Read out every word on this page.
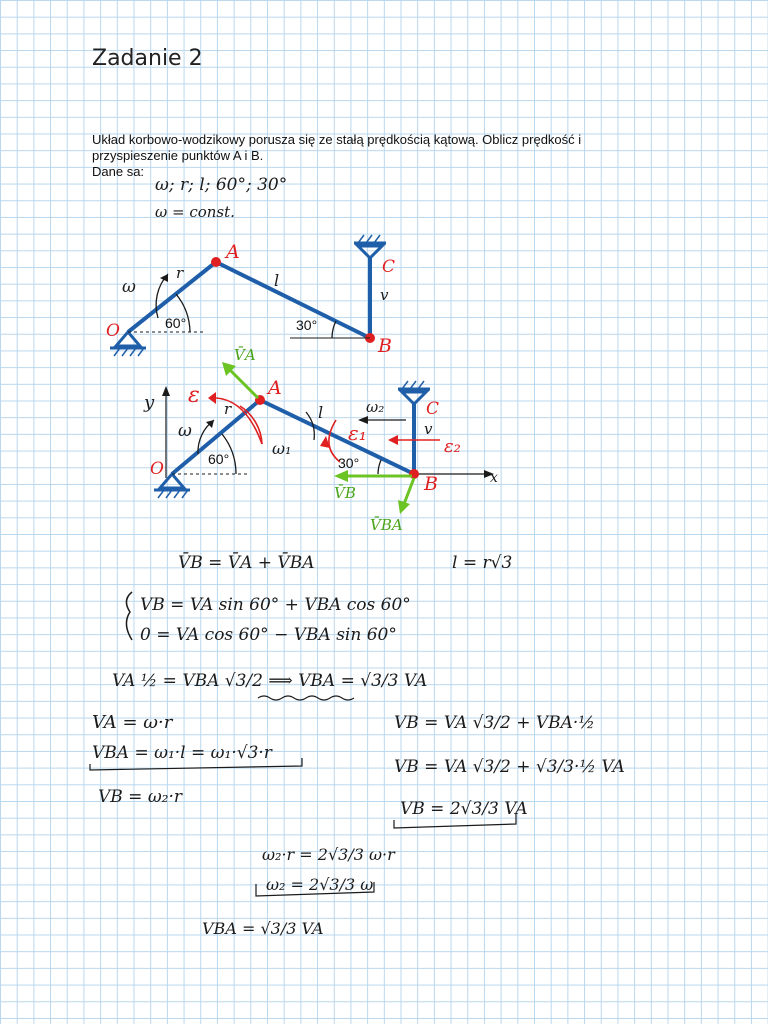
Zadanie 2

Układ korbowo-wodzikowy porusza się ze stałą prędkością kątową. Oblicz prędkość i przyspieszenie punktów A i B.

Dane sa:
ω; r; l; 60°; 30°
ω = const.
O
A
B
C
ω
r	l
v
60°	30°
y
x
O
A
B
C
ε
ε₁
ε₂
ω
ω₁
ω₂
r	l
v
60°	30°
V̄A
V̄B
V̄BA
V̄B = V̄A + V̄BA	l = r√3
VB = VA sin 60° + VBA cos 60°
0 = VA cos 60° − VBA sin 60°
VA ½ = VBA √3/2 ⟹ VBA = √3/3 VA
VA = ω·r
VBA = ω₁·l = ω₁·√3·r
VB = ω₂·r
VB = VA √3/2 + VBA·½
VB = VA √3/2 + √3/3·½ VA
VB = 2√3/3 VA
ω₂·r = 2√3/3 ω·r
ω₂ = 2√3/3 ω
VBA = √3/3 VA
